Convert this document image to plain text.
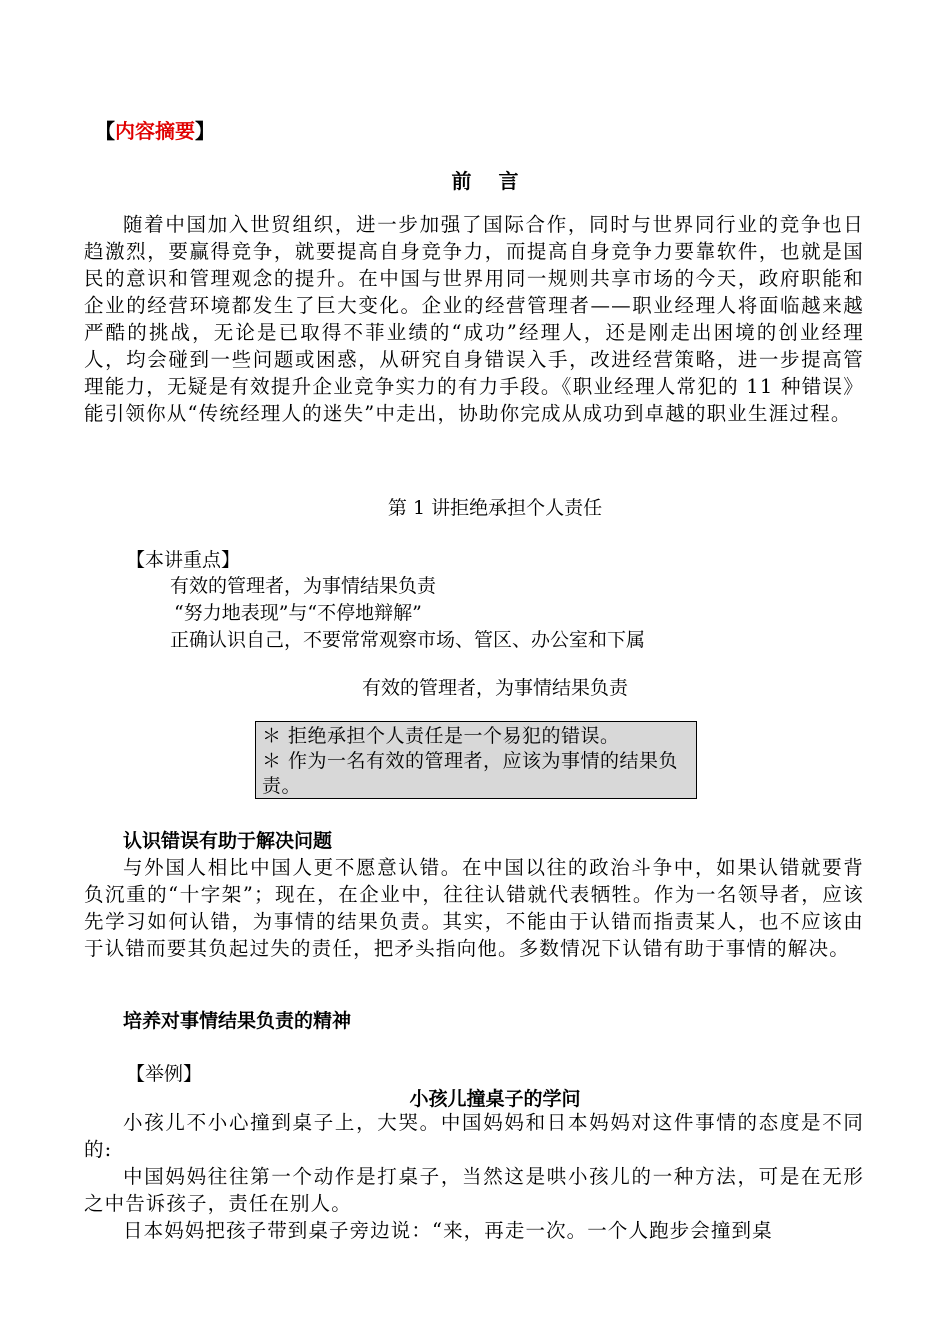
【内容摘要】
前 言

随着中国加入世贸组织，进一步加强了国际合作，同时与世界同行业的竞争也日趋激烈，要赢得竞争，就要提高自身竞争力，而提高自身竞争力要靠软件，也就是国民的意识和管理观念的提升。在中国与世界用同一规则共享市场的今天，政府职能和企业的经营环境都发生了巨大变化。企业的经营管理者——职业经理人将面临越来越严酷的挑战，无论是已取得不菲业绩的“成功”经理人，还是刚走出困境的创业经理人，均会碰到一些问题或困惑，从研究自身错误入手，改进经营策略，进一步提高管理能力，无疑是有效提升企业竞争实力的有力手段。《职业经理人常犯的 11 种错误》能引领你从“传统经理人的迷失”中走出，协助你完成从成功到卓越的职业生涯过程。

第 1 讲拒绝承担个人责任
【本讲重点】
有效的管理者，为事情结果负责
“努力地表现”与“不停地辩解”
正确认识自己，不要常常观察市场、管区、办公室和下属
有效的管理者，为事情结果负责

＊ 拒绝承担个人责任是一个易犯的错误。

＊ 作为一名有效的管理者，应该为事情的结果负责。

认识错误有助于解决问题

与外国人相比中国人更不愿意认错。在中国以往的政治斗争中，如果认错就要背负沉重的“十字架”；现在，在企业中，往往认错就代表牺牲。作为一名领导者，应该先学习如何认错，为事情的结果负责。其实，不能由于认错而指责某人，也不应该由于认错而要其负起过失的责任，把矛头指向他。多数情况下认错有助于事情的解决。

培养对事情结果负责的精神
【举例】
小孩儿撞桌子的学问

小孩儿不小心撞到桌子上，大哭。中国妈妈和日本妈妈对这件事情的态度是不同的:

中国妈妈往往第一个动作是打桌子，当然这是哄小孩儿的一种方法，可是在无形之中告诉孩子，责任在别人。

日本妈妈把孩子带到桌子旁边说：“来，再走一次。一个人跑步会撞到桌
